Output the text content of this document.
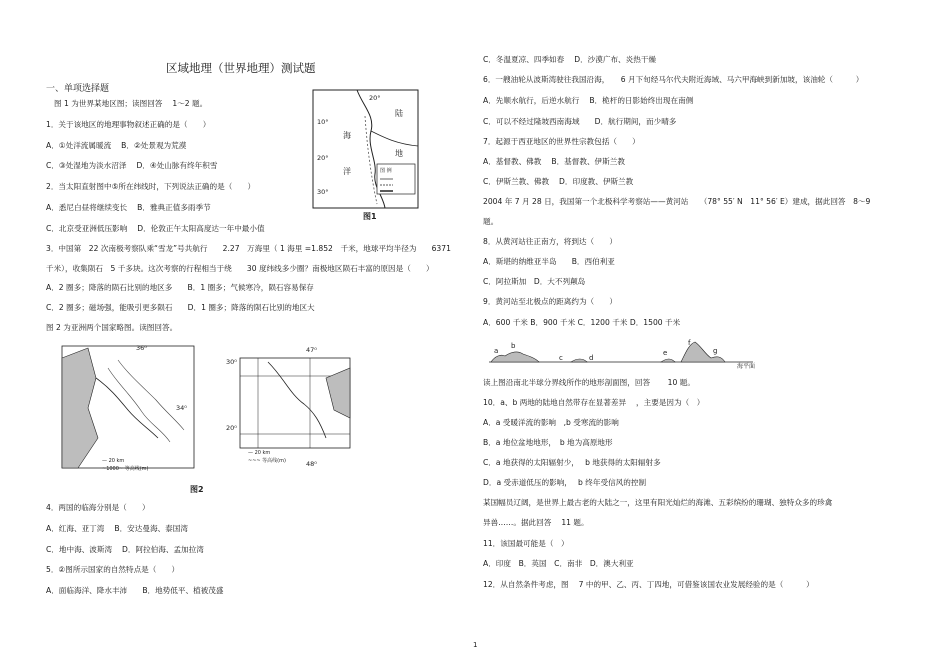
区域地理（世界地理）测试题
一、单项选择题
图 1 为世界某地区图；读图回答　 1～2 题。
1．关于该地区的地理事物叙述正确的是（　　）
A．①处洋流属暖流　 B．②处景观为荒漠
C．③处湿地为淡水沼泽　 D．④处山脉有终年积雪
2．当太阳直射图中⑤所在纬线时，下列说法正确的是（　　）
A．悉尼白昼将继续变长　 B．雅典正值多雨季节
C．北京受亚洲低压影响　 D．伦敦正午太阳高度达一年中最小值
3．中国第　22 次南极考察队乘“雪龙”号共航行　　2.27　万海里（ 1 海里 =1.852　千米，地球平均半径为　　6371
千米），收集陨石　5 千多块。这次考察的行程相当于绕　　30 度纬线多少圈？南极地区陨石丰富的原因是（　　）
A．2 圈多；降落的陨石比别的地区多　　B．1 圈多；气候寒冷，陨石容易保存
C．2 圈多；磁场强，能吸引更多陨石　　D．1 圈多；降落的陨石比别的地区大
图 2 为亚洲两个国家略图。读图回答。
4．两国的临海分别是（　　）
A．红海、亚丁湾　 B．安达曼海、泰国湾
C．地中海、波斯湾　 D．阿拉伯海、孟加拉湾
5．②图所示国家的自然特点是（　　）
A．面临海洋、降水丰沛　　B．地势低平、植被茂盛
图 例
20°
10°
20°
30°
海
陆
地
洋
图1
36⁰
34⁰
— 20 km
~1000~ 等高线(m)
47⁰
30⁰
20⁰
48⁰
— 20 km
~~~ 等高线(m)
图2
C．冬温夏凉、四季如春　 D．沙漠广布、炎热干燥
6．一艘油轮从波斯湾驶往我国沿海，　　6 月下旬经马尔代夫附近海域、马六甲海峡到新加坡，该油轮（　　　）
A．先顺水航行，后逆水航行　 B．桅杆的日影始终出现在南侧
C．可以不经过隆坡西南海域　　D．航行期间，而少晴多
7．起源于西亚地区的世界性宗教包括（　　）
A．基督教、佛教　 B．基督教、伊斯兰教
C．伊斯兰教、佛教　 D．印度教、伊斯兰教
2004 年 7 月 28 日，我国第一个北极科学考察站——黄河站　　（78° 55′ N　11° 56′ E）建成，据此回答　8～9
题。
8．从黄河站往正南方，将到达（　　）
A．斯堪的纳维亚半岛　　B．西伯利亚
C．阿拉斯加　D．大不列颠岛
9．黄河站至北极点的距离约为（　　）
A．600 千米 B．900 千米 C．1200 千米 D．1500 千米
a
b
c	d
e
f
g
海平面
读上图沿南北半球分界线所作的地形剖面图，回答　　 10 题。
10．a、b 两地的陆地自然带存在显著差异　 ，主要是因为（　）
A．a 受暖洋流的影响　,b 受寒流的影响
B．a 地位盆地地形，　b 地为高原地形
C．a 地获得的太阳辐射少，　 b 地获得的太阳辐射多
D．a 受赤道低压的影响，　 b 终年受信风的控制
某国幅员辽阔，是世界上最古老的大陆之一，这里有阳光灿烂的海滩、五彩缤纷的珊瑚、独特众多的珍禽
异兽……。据此回答　 11 题。
11．该国最可能是（　）
A．印度　B．英国　C．南非　D．澳大利亚
12．从自然条件考虑，图　 7 中的甲、乙、丙、丁四地，可借鉴该国农业发展经验的是（　　　）
1
